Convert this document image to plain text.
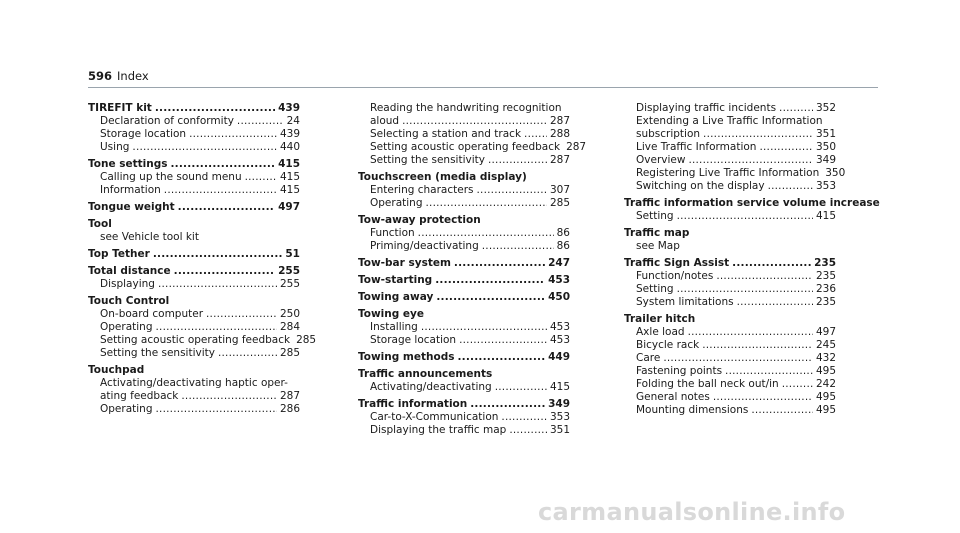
596 Index
TIREFIT kit .....	439
Declaration of conformity .....	24
Storage location .....	439
Using .....	440
Tone settings .....	415
Calling up the sound menu .....	415
Information .....	415
Tongue weight .....	497
Tool
see Vehicle tool kit
Top Tether .....	51
Total distance .....	255
Displaying .....	255
Touch Control
On-board computer .....	250
Operating .....	284
Setting acoustic operating feedback 285
Setting the sensitivity .....	285
Touchpad
Activating/deactivating haptic oper-
ating feedback .....	287
Operating .....	286
Reading the handwriting recognition
aloud .....	287
Selecting a station and track .....	288
Setting acoustic operating feedback 287
Setting the sensitivity .....	287
Touchscreen (media display)
Entering characters .....	307
Operating .....	285
Tow-away protection
Function .....	86
Priming/deactivating .....	86
Tow-bar system .....	247
Tow-starting .....	453
Towing away .....	450
Towing eye
Installing .....	453
Storage location .....	453
Towing methods .....	449
Traffic announcements
Activating/deactivating .....	415
Traffic information .....	349
Car-to-X-Communication .....	353
Displaying the traffic map .....	351
Displaying traffic incidents .....	352
Extending a Live Traffic Information
subscription .....	351
Live Traffic Information .....	350
Overview .....	349
Registering Live Traffic Information 350
Switching on the display .....	353
Traffic information service volume increase
Setting .....	415
Traffic map
see Map
Traffic Sign Assist .....	235
Function/notes .....	235
Setting .....	236
System limitations .....	235
Trailer hitch
Axle load .....	497
Bicycle rack .....	245
Care .....	432
Fastening points .....	495
Folding the ball neck out/in .....	242
General notes .....	495
Mounting dimensions .....	495
carmanualsonline.info
